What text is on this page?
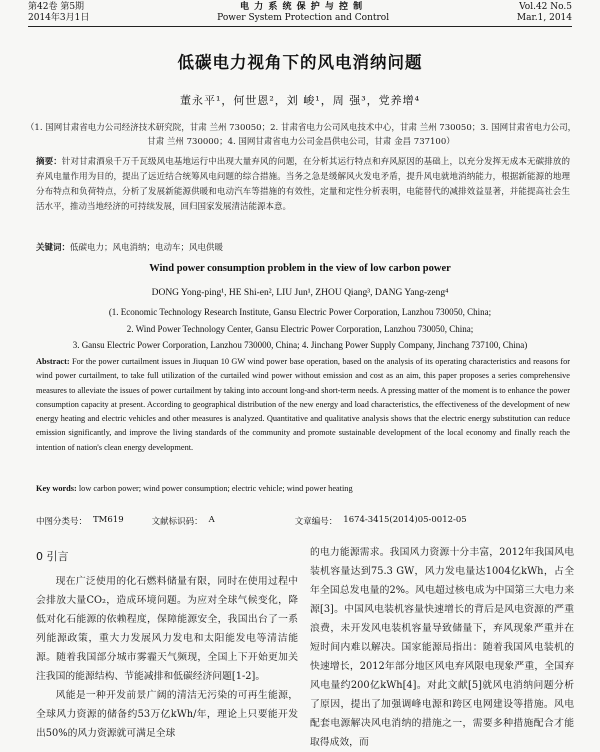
第42卷 第5期	电 力 系 统 保 护 与 控 制	Vol.42 No.5
2014年3月1日	Power System Protection and Control	Mar.1, 2014
低碳电力视角下的风电消纳问题
董永平¹，何世恩²，刘 峻¹，周 强³，党养增⁴
（1. 国网甘肃省电力公司经济技术研究院，甘肃 兰州 730050；2. 甘肃省电力公司风电技术中心，甘肃 兰州 730050；3. 国网甘肃省电力公司，甘肃 兰州 730000；4. 国网甘肃省电力公司金昌供电公司，甘肃 金昌 737100）
摘要：针对甘肃酒泉千万千瓦级风电基地运行中出现大量弃风的问题，在分析其运行特点和弃风原因的基础上，以充分发挥无成本无碳排放的弃风电量作用为目的，提出了远近结合统筹风电问题的综合措施。当务之急是缓解风火发电矛盾，提升风电就地消纳能力，根据新能源的地理分布特点和负荷特点，分析了发展新能源供暖和电动汽车等措施的有效性，定量和定性分析表明，电能替代的减排效益显著，并能提高社会生活水平，推动当地经济的可持续发展，回归国家发展清洁能源本意。
关键词：低碳电力；风电消纳；电动车；风电供暖
Wind power consumption problem in the view of low carbon power
DONG Yong-ping¹, HE Shi-en², LIU Jun¹, ZHOU Qiang³, DANG Yang-zeng⁴
(1. Economic Technology Research Institute, Gansu Electric Power Corporation, Lanzhou 730050, China;
2. Wind Power Technology Center, Gansu Electric Power Corporation, Lanzhou 730050, China;
3. Gansu Electric Power Corporation, Lanzhou 730000, China; 4. Jinchang Power Supply Company, Jinchang 737100, China)
Abstract: For the power curtailment issues in Jiuquan 10 GW wind power base operation, based on the analysis of its operating characteristics and reasons for wind power curtailment, to take full utilization of the curtailed wind power without emission and cost as an aim, this paper proposes a series comprehensive measures to alleviate the issues of power curtailment by taking into account long-and short-term needs. A pressing matter of the moment is to enhance the power consumption capacity at present. According to geographical distribution of the new energy and load characteristics, the effectiveness of the development of new energy heating and electric vehicles and other measures is analyzed. Quantitative and qualitative analysis shows that the electric energy substitution can reduce emission significantly, and improve the living standards of the community and promote sustainable development of the local economy and finally reach the intention of nation's clean energy development.
Key words: low carbon power; wind power consumption; electric vehicle; wind power heating
中图分类号： TM619	文献标识码： A	文章编号： 1674-3415(2014)05-0012-05
0 引言

现在广泛使用的化石燃料储量有限，同时在使用过程中会排放大量CO₂，造成环境问题。为应对全球气候变化，降低对化石能源的依赖程度，保障能源安全，我国出台了一系列能源政策，重大力发展风力发电和太阳能发电等清洁能源。随着我国部分城市雾霾天气频现，全国上下开始更加关注我国的能源结构、节能减排和低碳经济问题[1-2]。

风能是一种开发前景广阔的清洁无污染的可再生能源，全球风力资源的储备约53万亿kWh/年，理论上只要能开发出50%的风力资源就可满足全球

的电力能源需求。我国风力资源十分丰富，2012年我国风电装机容量达到75.3 GW，风力发电量达1004亿kWh，占全年全国总发电量的2%。风电超过核电成为中国第三大电力来源[3]。中国风电装机容量快速增长的背后是风电资源的严重浪费，未开发风电装机容量导致储量下，弃风现象严重并在短时间内难以解决。国家能源局指出：随着我国风电装机的快速增长，2012年部分地区风电弃风限电现象严重，全国弃风电量约200亿kWh[4]。对此文献[5]就风电消纳问题分析了原因，提出了加强调峰电源和跨区电网建设等措施。风电配套电源解决风电消纳的措施之一，需要多种措施配合才能取得成效，而
